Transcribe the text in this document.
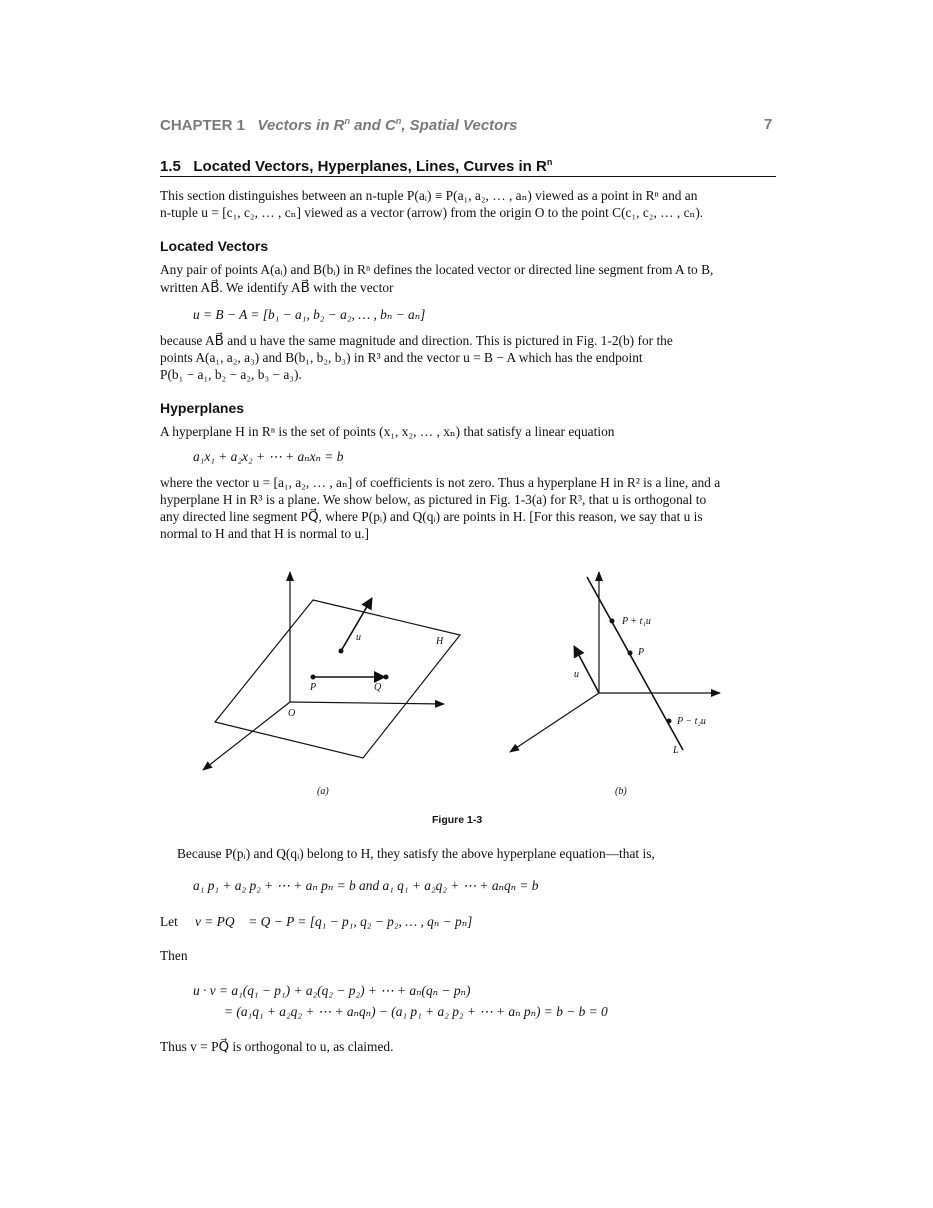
CHAPTER 1 Vectors in $R^n$ and $C^n$, Spatial Vectors	7
1.5 Located Vectors, Hyperplanes, Lines, Curves in $R^n$
This section distinguishes between an n-tuple P(aᵢ) ≡ P(a₁, a₂, … , aₙ) viewed as a point in Rⁿ and an
n-tuple u = [c₁, c₂, … , cₙ] viewed as a vector (arrow) from the origin O to the point C(c₁, c₂, … , cₙ).
Located Vectors
Any pair of points A(aᵢ) and B(bᵢ) in Rⁿ defines the located vector or directed line segment from A to B,
written AB⃗. We identify AB⃗ with the vector
u = B − A = [b₁ − a₁, b₂ − a₂, … , bₙ − aₙ]
because AB⃗ and u have the same magnitude and direction. This is pictured in Fig. 1-2(b) for the
points A(a₁, a₂, a₃) and B(b₁, b₂, b₃) in R³ and the vector u = B − A which has the endpoint
P(b₁ − a₁, b₂ − a₂, b₃ − a₃).
Hyperplanes
A hyperplane H in Rⁿ is the set of points (x₁, x₂, … , xₙ) that satisfy a linear equation
a₁x₁ + a₂x₂ + ⋯ + aₙxₙ = b
where the vector u = [a₁, a₂, … , aₙ] of coefficients is not zero. Thus a hyperplane H in R² is a line, and a
hyperplane H in R³ is a plane. We show below, as pictured in Fig. 1-3(a) for R³, that u is orthogonal to
any directed line segment PQ⃗, where P(pᵢ) and Q(qᵢ) are points in H. [For this reason, we say that u is
normal to H and that H is normal to u.]
u	H
P	Q
O
(a)
P + t₁u
P
u
P − t₂u
L
(b)
Figure 1-3
Because P(pᵢ) and Q(qᵢ) belong to H, they satisfy the above hyperplane equation—that is,
a₁ p₁ + a₂ p₂ + ⋯ + aₙ pₙ = b and a₁ q₁ + a₂q₂ + ⋯ + aₙqₙ = b
Let v = PQ⃗ = Q − P = [q₁ − p₁, q₂ − p₂, … , qₙ − pₙ]
Then
u · v = a₁(q₁ − p₁) + a₂(q₂ − p₂) + ⋯ + aₙ(qₙ − pₙ)
= (a₁q₁ + a₂q₂ + ⋯ + aₙqₙ) − (a₁ p₁ + a₂ p₂ + ⋯ + aₙ pₙ) = b − b = 0
Thus v = PQ⃗ is orthogonal to u, as claimed.
